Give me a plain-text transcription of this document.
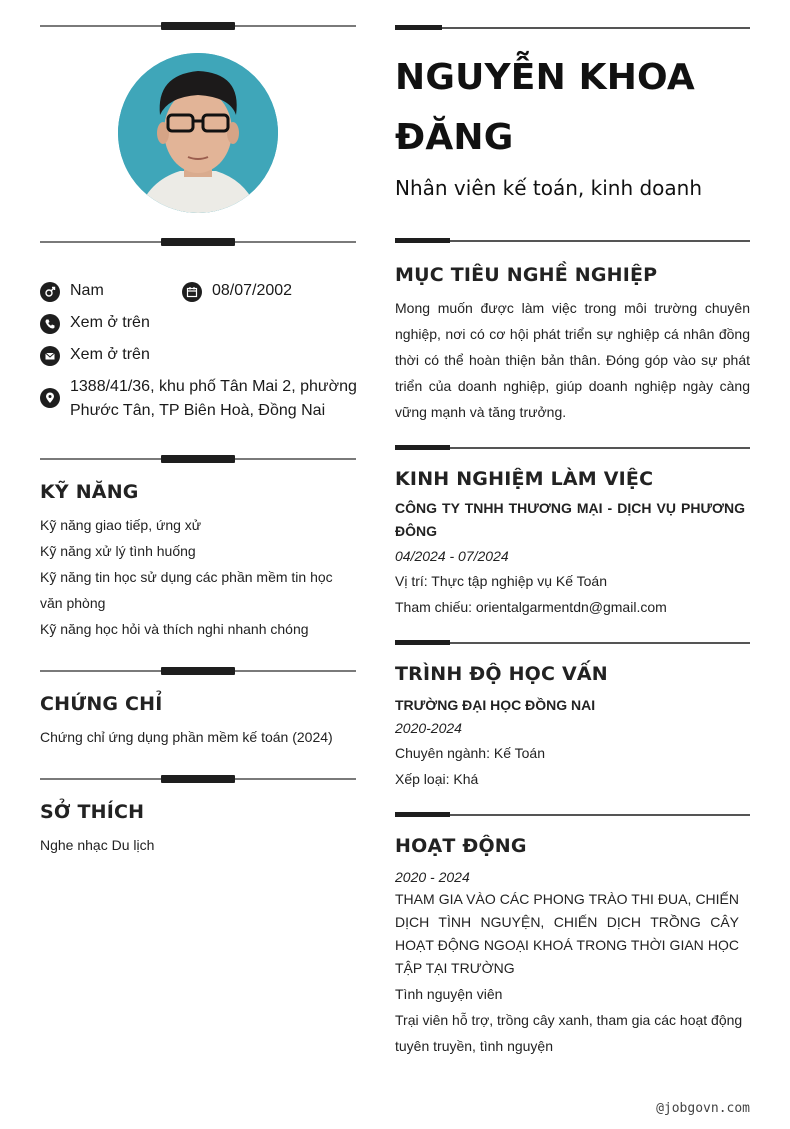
Nam	08/07/2002
Xem ở trên
Xem ở trên
1388/41/36, khu phố Tân Mai 2, phường Phước Tân, TP Biên Hoà, Đồng Nai
KỸ NĂNG
Kỹ năng giao tiếp, ứng xử
Kỹ năng xử lý tình huống
Kỹ năng tin học sử dụng các phần mềm tin học văn phòng
Kỹ năng học hỏi và thích nghi nhanh chóng
CHỨNG CHỈ
Chứng chỉ ứng dụng phần mềm kế toán (2024)
SỞ THÍCH
Nghe nhạc Du lịch
NGUYỄN KHOA ĐĂNG
Nhân viên kế toán, kinh doanh
MỤC TIÊU NGHỀ NGHIỆP
Mong muốn được làm việc trong môi trường chuyên nghiệp, nơi có cơ hội phát triển sự nghiệp cá nhân đồng thời có thể hoàn thiện bản thân. Đóng góp vào sự phát triển của doanh nghiệp, giúp doanh nghiệp ngày càng vững mạnh và tăng trưởng.
KINH NGHIỆM LÀM VIỆC
CÔNG TY TNHH THƯƠNG MẠI - DỊCH VỤ PHƯƠNG ĐÔNG
04/2024 - 07/2024
Vị trí: Thực tập nghiệp vụ Kế Toán
Tham chiếu: orientalgarmentdn@gmail.com
TRÌNH ĐỘ HỌC VẤN
TRƯỜNG ĐẠI HỌC ĐỒNG NAI
2020-2024
Chuyên ngành: Kế Toán
Xếp loại: Khá
HOẠT ĐỘNG
2020 - 2024
THAM GIA VÀO CÁC PHONG TRÀO THI ĐUA, CHIẾN DỊCH TÌNH NGUYỆN, CHIẾN DỊCH TRỒNG CÂY HOẠT ĐỘNG NGOẠI KHOÁ TRONG THỜI GIAN HỌC TẬP TẠI TRƯỜNG
Tình nguyện viên
Trại viên hỗ trợ, trồng cây xanh, tham gia các hoạt động tuyên truyền, tình nguyện
@jobgovn.com
